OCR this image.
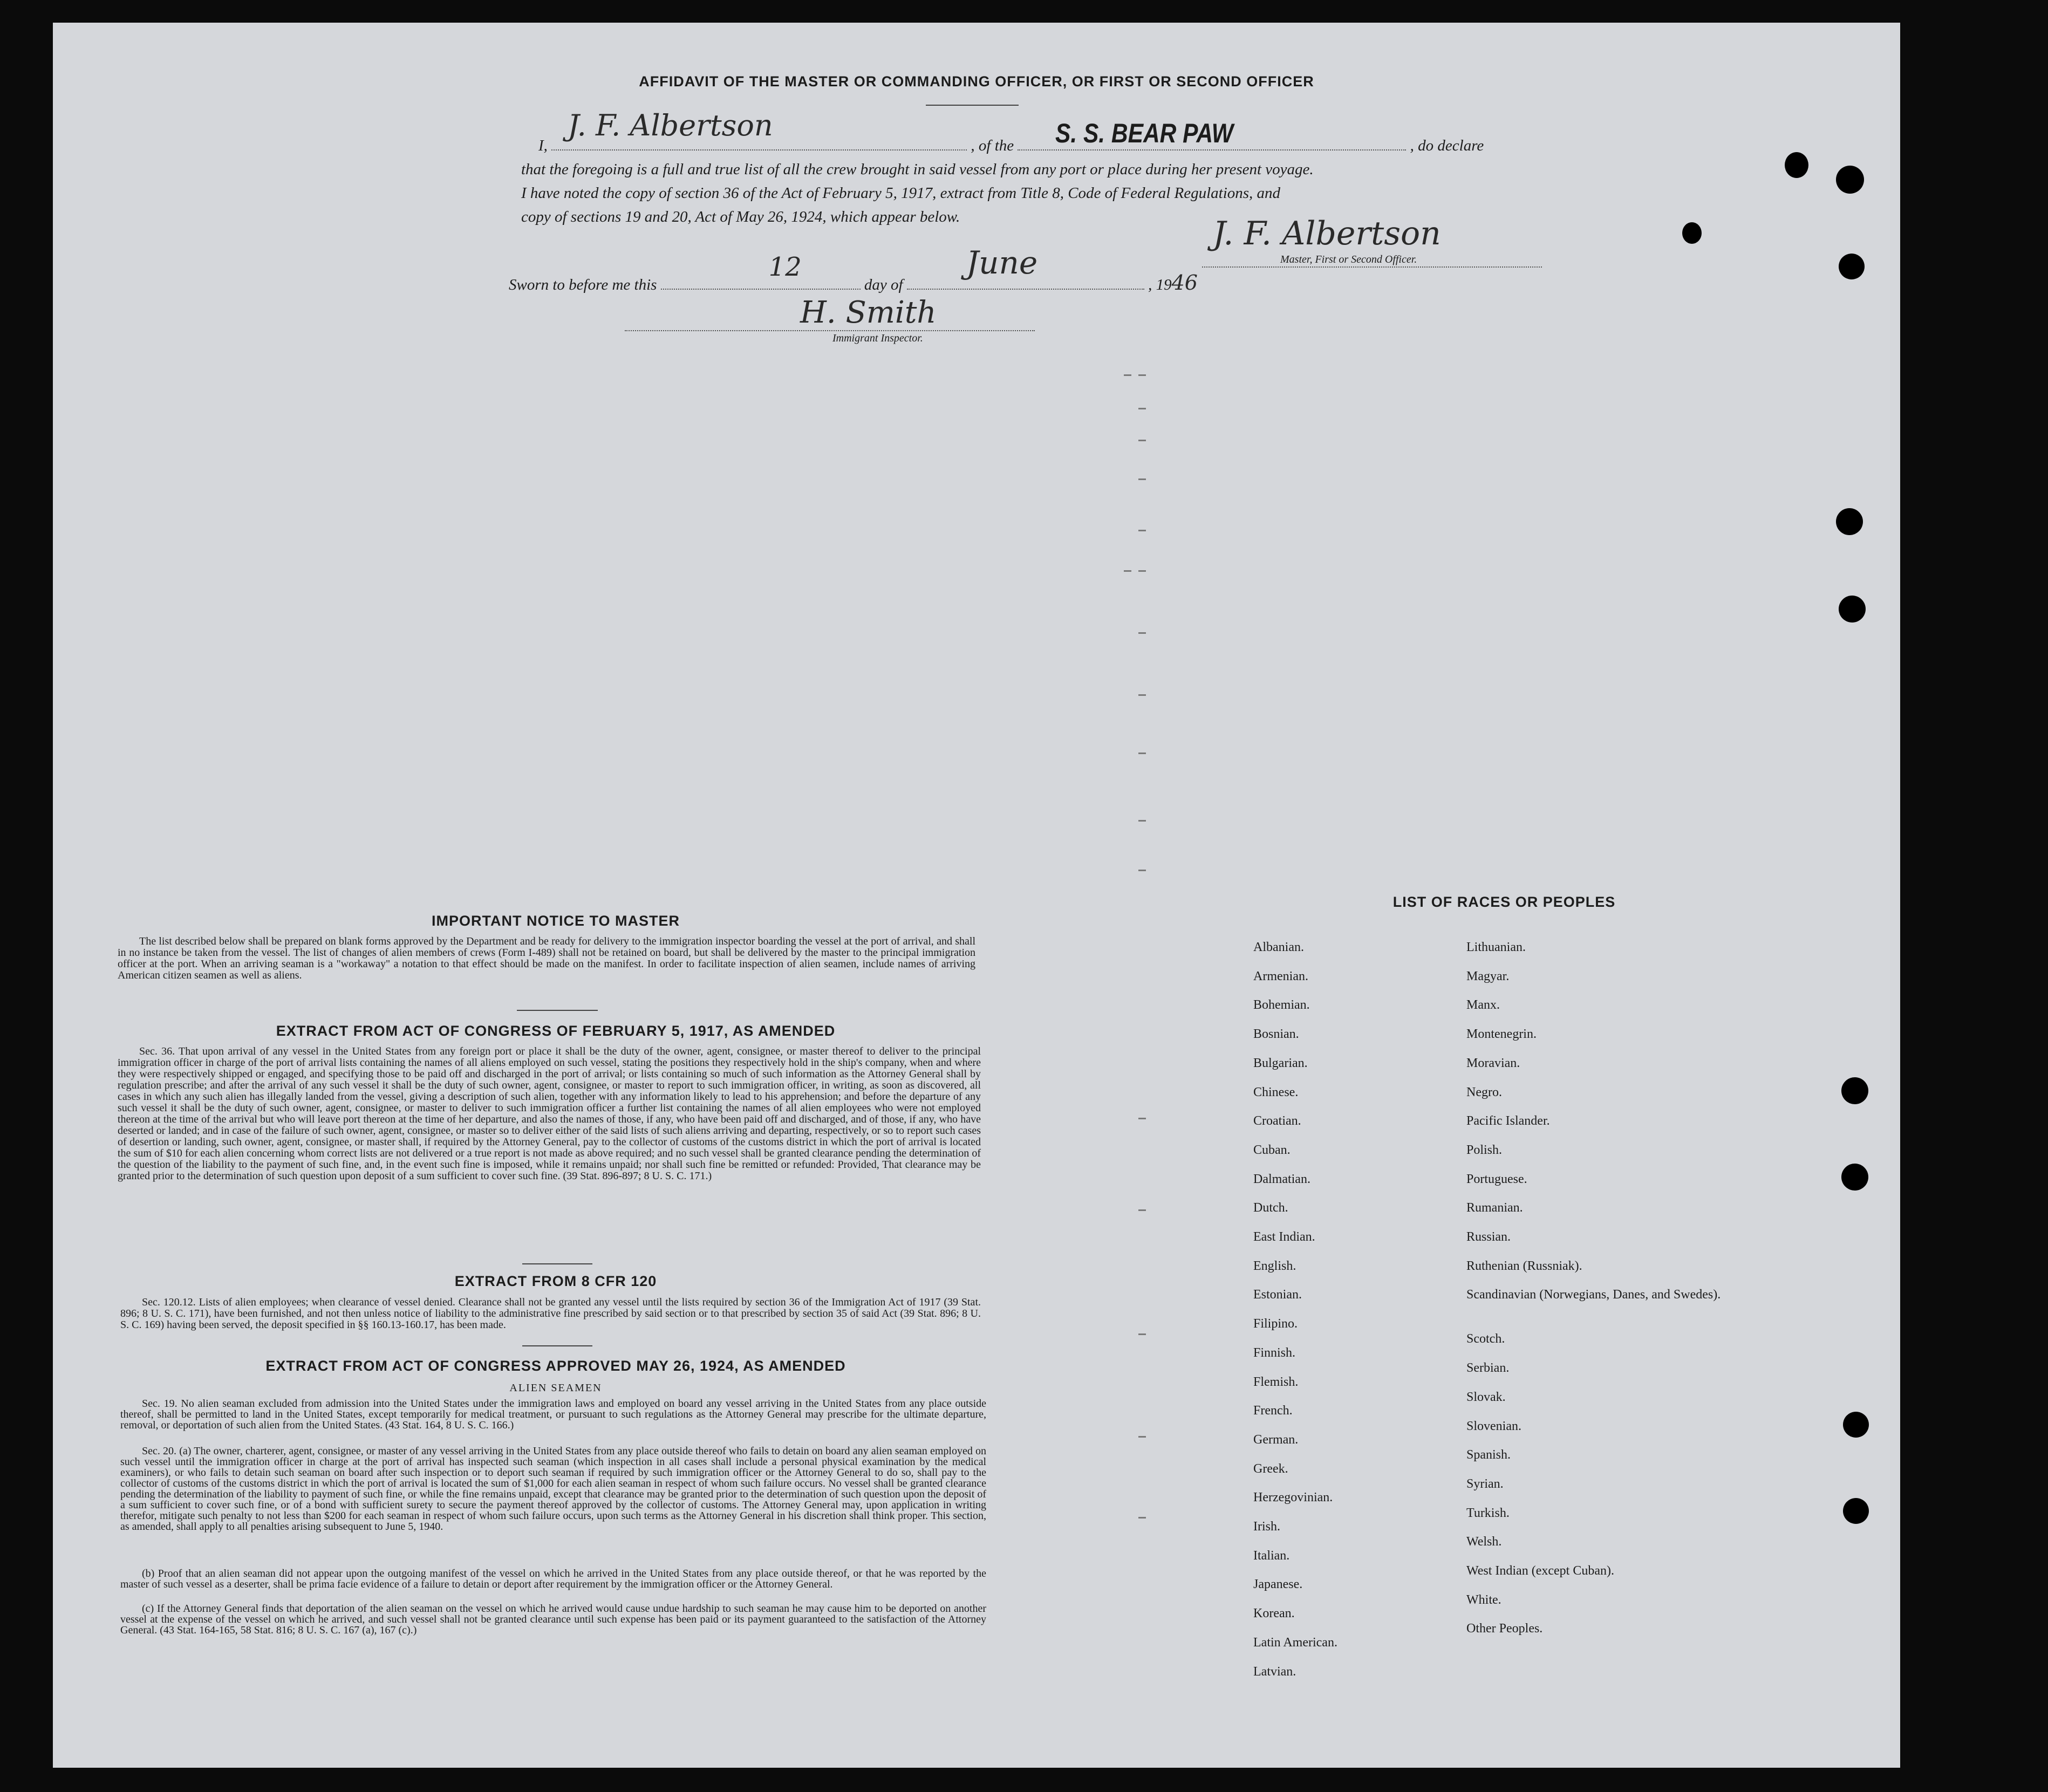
AFFIDAVIT OF THE MASTER OR COMMANDING OFFICER, OR FIRST OR SECOND OFFICER
I,
J. F. Albertson
, of the S. S. BEAR PAW	, do declare
that the foregoing is a full and true list of all the crew brought in said vessel from any port or place during her present voyage.
I have noted the copy of section 36 of the Act of February 5, 1917, extract from Title 8, Code of Federal Regulations, and
copy of sections 19 and 20, Act of May 26, 1924, which appear below.	J. F. Albertson
Master, First or Second Officer.
Sworn to before me this
12
day of
June
, 1946
H. Smith
Immigrant Inspector.
IMPORTANT NOTICE TO MASTER
The list described below shall be prepared on blank forms approved by the Department and be ready for delivery to the immigration inspector boarding the vessel at the port of arrival, and shall in no instance be taken from the vessel. The list of changes of alien members of crews (Form I-489) shall not be retained on board, but shall be delivered by the master to the principal immigration officer at the port. When an arriving seaman is a "workaway" a notation to that effect should be made on the manifest. In order to facilitate inspection of alien seamen, include names of arriving American citizen seamen as well as aliens.
EXTRACT FROM ACT OF CONGRESS OF FEBRUARY 5, 1917, AS AMENDED
Sec. 36. That upon arrival of any vessel in the United States from any foreign port or place it shall be the duty of the owner, agent, consignee, or master thereof to deliver to the principal immigration officer in charge of the port of arrival lists containing the names of all aliens employed on such vessel, stating the positions they respectively hold in the ship's company, when and where they were respectively shipped or engaged, and specifying those to be paid off and discharged in the port of arrival; or lists containing so much of such information as the Attorney General shall by regulation prescribe; and after the arrival of any such vessel it shall be the duty of such owner, agent, consignee, or master to report to such immigration officer, in writing, as soon as discovered, all cases in which any such alien has illegally landed from the vessel, giving a description of such alien, together with any information likely to lead to his apprehension; and before the departure of any such vessel it shall be the duty of such owner, agent, consignee, or master to deliver to such immigration officer a further list containing the names of all alien employees who were not employed thereon at the time of the arrival but who will leave port thereon at the time of her departure, and also the names of those, if any, who have been paid off and discharged, and of those, if any, who have deserted or landed; and in case of the failure of such owner, agent, consignee, or master so to deliver either of the said lists of such aliens arriving and departing, respectively, or so to report such cases of desertion or landing, such owner, agent, consignee, or master shall, if required by the Attorney General, pay to the collector of customs of the customs district in which the port of arrival is located the sum of $10 for each alien concerning whom correct lists are not delivered or a true report is not made as above required; and no such vessel shall be granted clearance pending the determination of the question of the liability to the payment of such fine, and, in the event such fine is imposed, while it remains unpaid; nor shall such fine be remitted or refunded: Provided, That clearance may be granted prior to the determination of such question upon deposit of a sum sufficient to cover such fine. (39 Stat. 896-897; 8 U. S. C. 171.)
EXTRACT FROM 8 CFR 120
Sec. 120.12. Lists of alien employees; when clearance of vessel denied. Clearance shall not be granted any vessel until the lists required by section 36 of the Immigration Act of 1917 (39 Stat. 896; 8 U. S. C. 171), have been furnished, and not then unless notice of liability to the administrative fine prescribed by said section or to that prescribed by section 35 of said Act (39 Stat. 896; 8 U. S. C. 169) having been served, the deposit specified in §§ 160.13-160.17, has been made.
EXTRACT FROM ACT OF CONGRESS APPROVED MAY 26, 1924, AS AMENDED
ALIEN SEAMEN
Sec. 19. No alien seaman excluded from admission into the United States under the immigration laws and employed on board any vessel arriving in the United States from any place outside thereof, shall be permitted to land in the United States, except temporarily for medical treatment, or pursuant to such regulations as the Attorney General may prescribe for the ultimate departure, removal, or deportation of such alien from the United States. (43 Stat. 164, 8 U. S. C. 166.)
Sec. 20. (a) The owner, charterer, agent, consignee, or master of any vessel arriving in the United States from any place outside thereof who fails to detain on board any alien seaman employed on such vessel until the immigration officer in charge at the port of arrival has inspected such seaman (which inspection in all cases shall include a personal physical examination by the medical examiners), or who fails to detain such seaman on board after such inspection or to deport such seaman if required by such immigration officer or the Attorney General to do so, shall pay to the collector of customs of the customs district in which the port of arrival is located the sum of $1,000 for each alien seaman in respect of whom such failure occurs. No vessel shall be granted clearance pending the determination of the liability to payment of such fine, or while the fine remains unpaid, except that clearance may be granted prior to the determination of such question upon the deposit of a sum sufficient to cover such fine, or of a bond with sufficient surety to secure the payment thereof approved by the collector of customs. The Attorney General may, upon application in writing therefor, mitigate such penalty to not less than $200 for each seaman in respect of whom such failure occurs, upon such terms as the Attorney General in his discretion shall think proper. This section, as amended, shall apply to all penalties arising subsequent to June 5, 1940.
(b) Proof that an alien seaman did not appear upon the outgoing manifest of the vessel on which he arrived in the United States from any place outside thereof, or that he was reported by the master of such vessel as a deserter, shall be prima facie evidence of a failure to detain or deport after requirement by the immigration officer or the Attorney General.
(c) If the Attorney General finds that deportation of the alien seaman on the vessel on which he arrived would cause undue hardship to such seaman he may cause him to be deported on another vessel at the expense of the vessel on which he arrived, and such vessel shall not be granted clearance until such expense has been paid or its payment guaranteed to the satisfaction of the Attorney General. (43 Stat. 164-165, 58 Stat. 816; 8 U. S. C. 167 (a), 167 (c).)
LIST OF RACES OR PEOPLES
Albanian.
Armenian.
Bohemian.
Bosnian.
Bulgarian.
Chinese.
Croatian.
Cuban.
Dalmatian.
Dutch.
East Indian.
English.
Estonian.
Filipino.
Finnish.
Flemish.
French.
German.
Greek.
Herzegovinian.
Irish.
Italian.
Japanese.
Korean.
Latin American.
Latvian.
Lithuanian.
Magyar.
Manx.
Montenegrin.
Moravian.
Negro.
Pacific Islander.
Polish.
Portuguese.
Rumanian.
Russian.
Ruthenian (Russniak).
Scandinavian (Norwegians, Danes, and Swedes).
Scotch.
Serbian.
Slovak.
Slovenian.
Spanish.
Syrian.
Turkish.
Welsh.
West Indian (except Cuban).
White.
Other Peoples.
